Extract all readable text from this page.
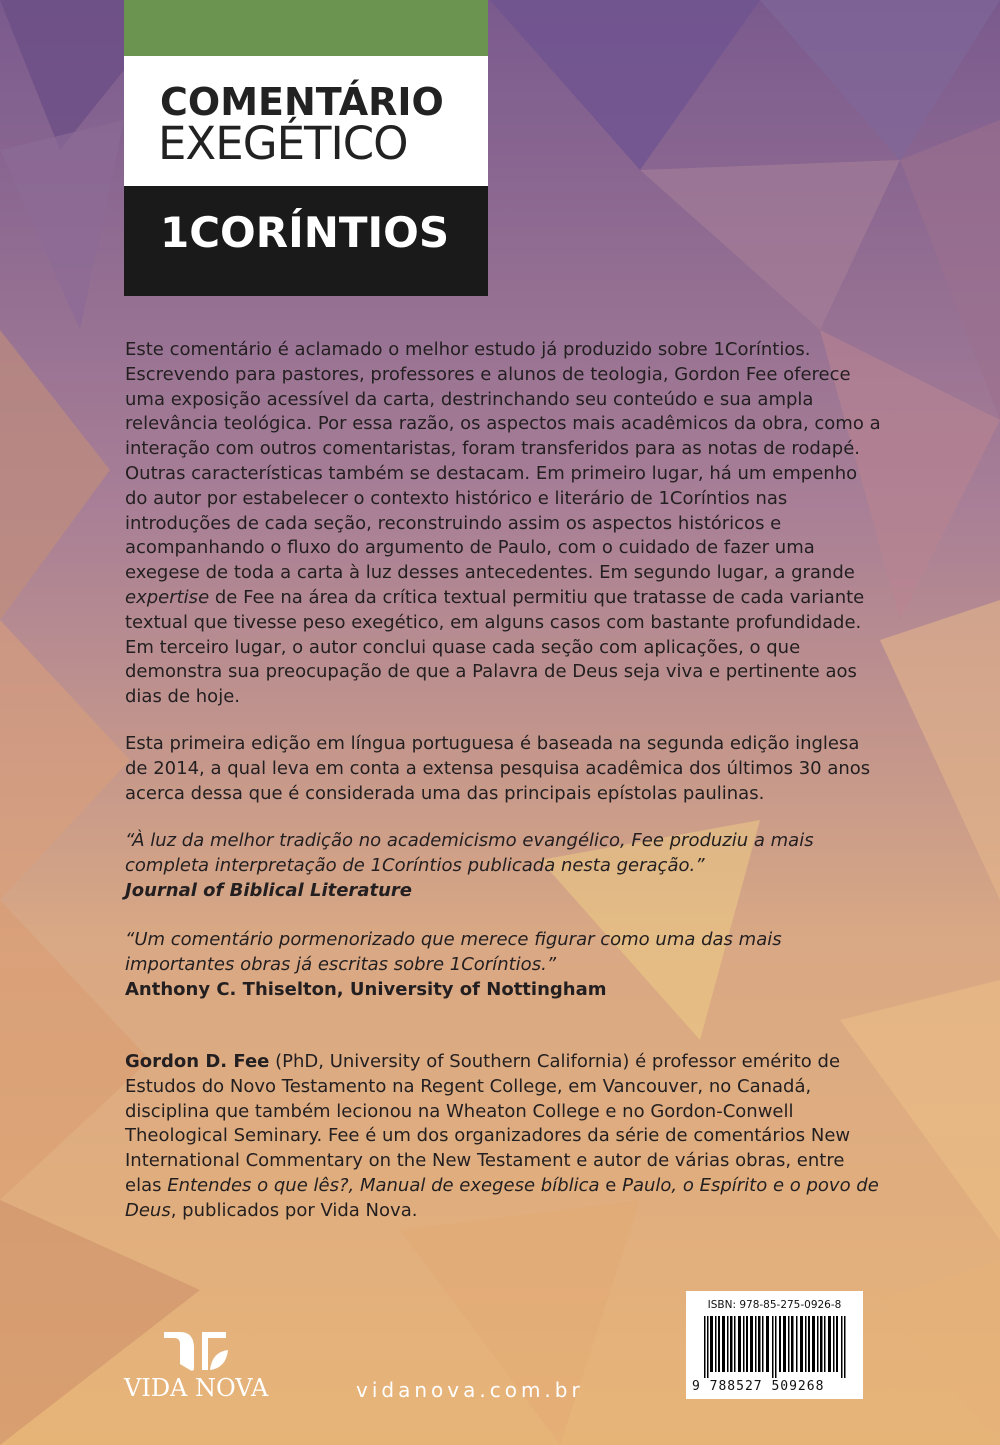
COMENTÁRIO
EXEGÉTICO
1CORÍNTIOS
Este comentário é aclamado o melhor estudo já produzido sobre 1Coríntios. Escrevendo para pastores, professores e alunos de teologia, Gordon Fee oferece uma exposição acessível da carta, destrinchando seu conteúdo e sua ampla relevância teológica. Por essa razão, os aspectos mais acadêmicos da obra, como a interação com outros comentaristas, foram transferidos para as notas de rodapé. Outras características também se destacam. Em primeiro lugar, há um empenho do autor por estabelecer o contexto histórico e literário de 1Coríntios nas introduções de cada seção, reconstruindo assim os aspectos históricos e acompanhando o fluxo do argumento de Paulo, com o cuidado de fazer uma exegese de toda a carta à luz desses antecedentes. Em segundo lugar, a grande expertise de Fee na área da crítica textual permitiu que tratasse de cada variante textual que tivesse peso exegético, em alguns casos com bastante profundidade. Em terceiro lugar, o autor conclui quase cada seção com aplicações, o que demonstra sua preocupação de que a Palavra de Deus seja viva e pertinente aos dias de hoje.
Esta primeira edição em língua portuguesa é baseada na segunda edição inglesa de 2014, a qual leva em conta a extensa pesquisa acadêmica dos últimos 30 anos acerca dessa que é considerada uma das principais epístolas paulinas.
“À luz da melhor tradição no academicismo evangélico, Fee produziu a mais completa interpretação de 1Coríntios publicada nesta geração.”
Journal of Biblical Literature
“Um comentário pormenorizado que merece figurar como uma das mais importantes obras já escritas sobre 1Coríntios.”
Anthony C. Thiselton, University of Nottingham
Gordon D. Fee (PhD, University of Southern California) é professor emérito de Estudos do Novo Testamento na Regent College, em Vancouver, no Canadá, disciplina que também lecionou na Wheaton College e no Gordon-Conwell Theological Seminary. Fee é um dos organizadores da série de comentários New International Commentary on the New Testament e autor de várias obras, entre elas Entendes o que lês?, Manual de exegese bíblica e Paulo, o Espírito e o povo de Deus, publicados por Vida Nova.
VIDA NOVA	vidanova.com.br
ISBN: 978-85-275-0926-8
9 788527 509268
